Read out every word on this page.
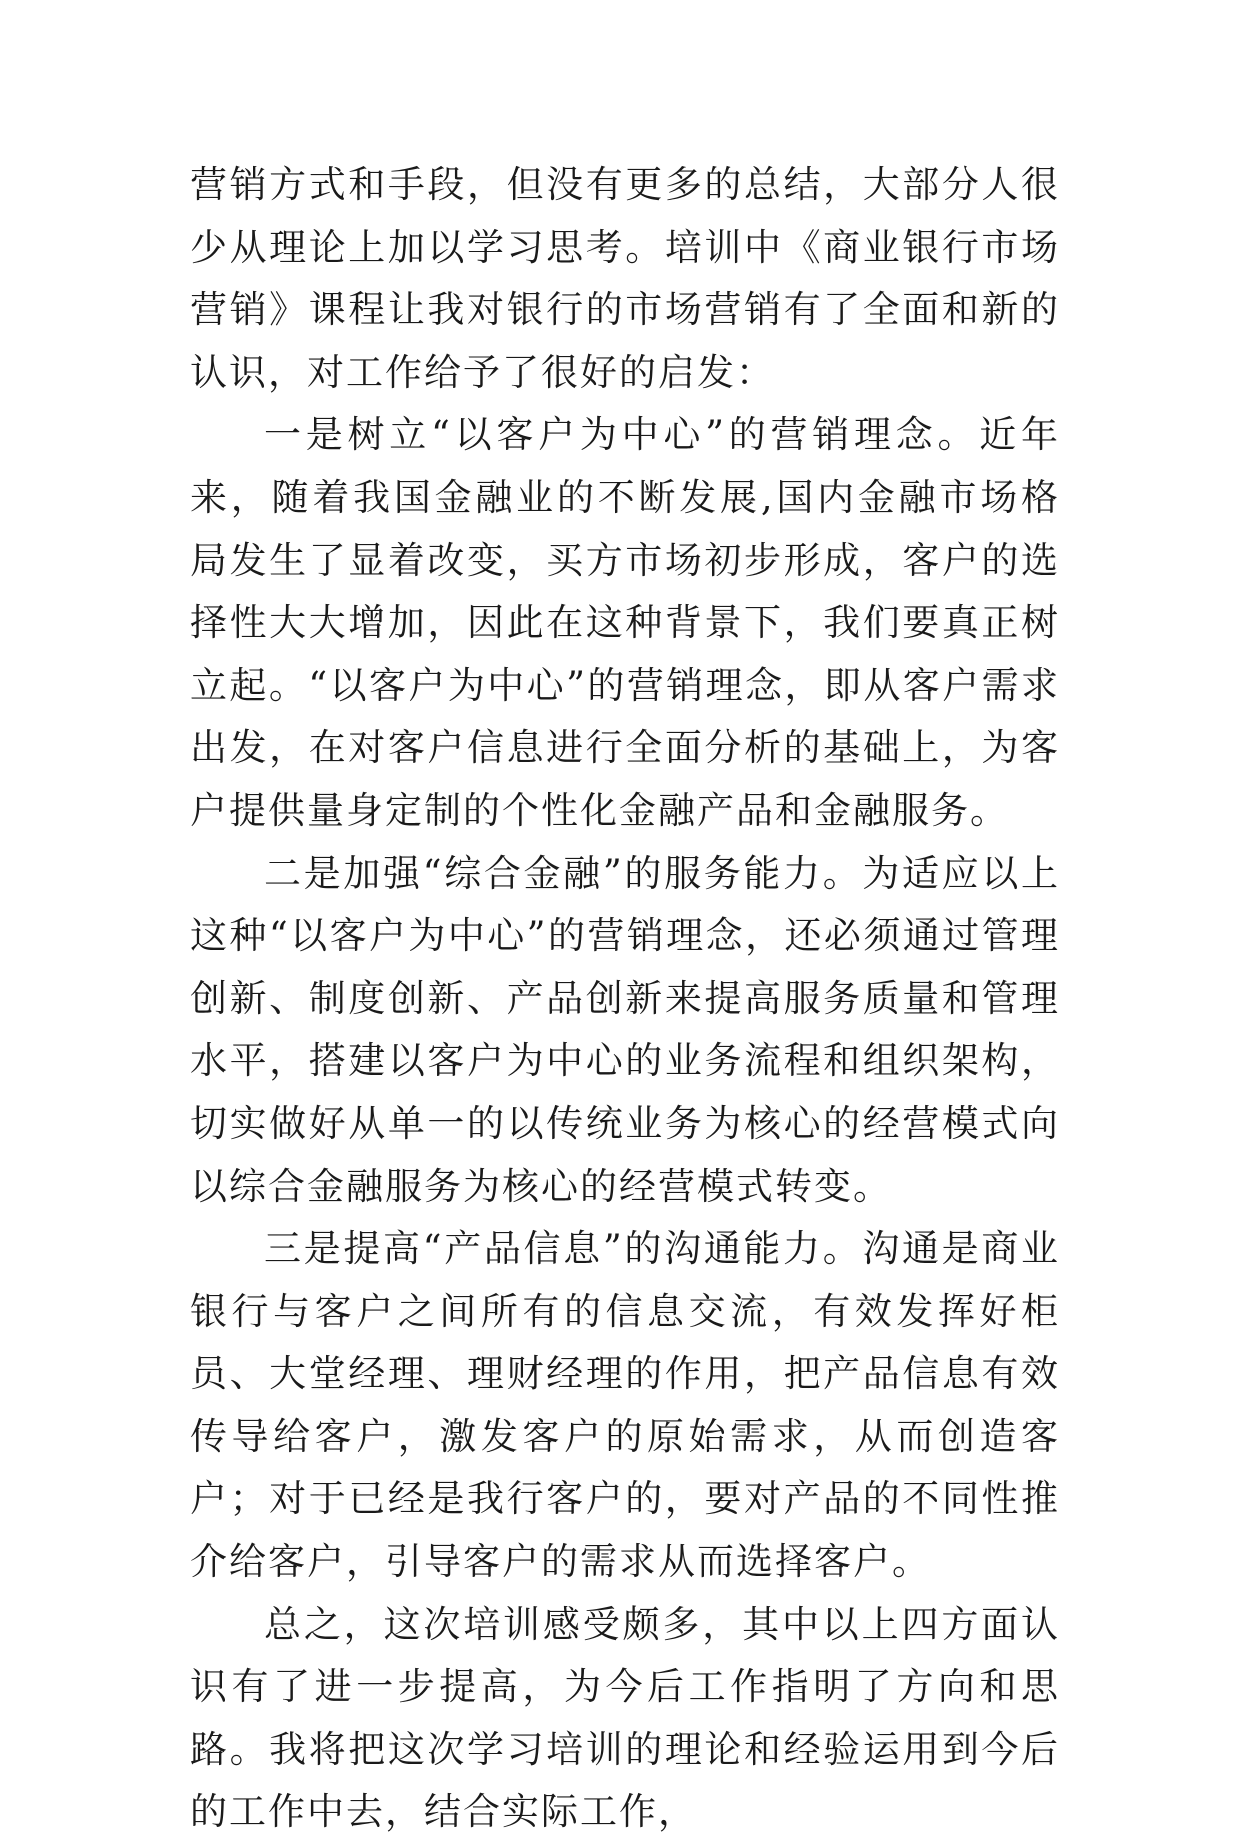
营销方式和手段，但没有更多的总结，大部分人很少从理论上加以学习思考。培训中《商业银行市场营销》课程让我对银行的市场营销有了全面和新的认识，对工作给予了很好的启发：

一是树立“以客户为中心”的营销理念。近年来，随着我国金融业的不断发展,国内金融市场格局发生了显着改变，买方市场初步形成，客户的选择性大大增加，因此在这种背景下，我们要真正树立起。“以客户为中心”的营销理念，即从客户需求出发，在对客户信息进行全面分析的基础上，为客户提供量身定制的个性化金融产品和金融服务。

二是加强“综合金融”的服务能力。为适应以上这种“以客户为中心”的营销理念，还必须通过管理创新、制度创新、产品创新来提高服务质量和管理水平，搭建以客户为中心的业务流程和组织架构，切实做好从单一的以传统业务为核心的经营模式向以综合金融服务为核心的经营模式转变。

三是提高“产品信息”的沟通能力。沟通是商业银行与客户之间所有的信息交流，有效发挥好柜员、大堂经理、理财经理的作用，把产品信息有效传导给客户，激发客户的原始需求，从而创造客户；对于已经是我行客户的，要对产品的不同性推介给客户，引导客户的需求从而选择客户。

总之，这次培训感受颇多，其中以上四方面认识有了进一步提高，为今后工作指明了方向和思路。我将把这次学习培训的理论和经验运用到今后的工作中去，结合实际工作，
